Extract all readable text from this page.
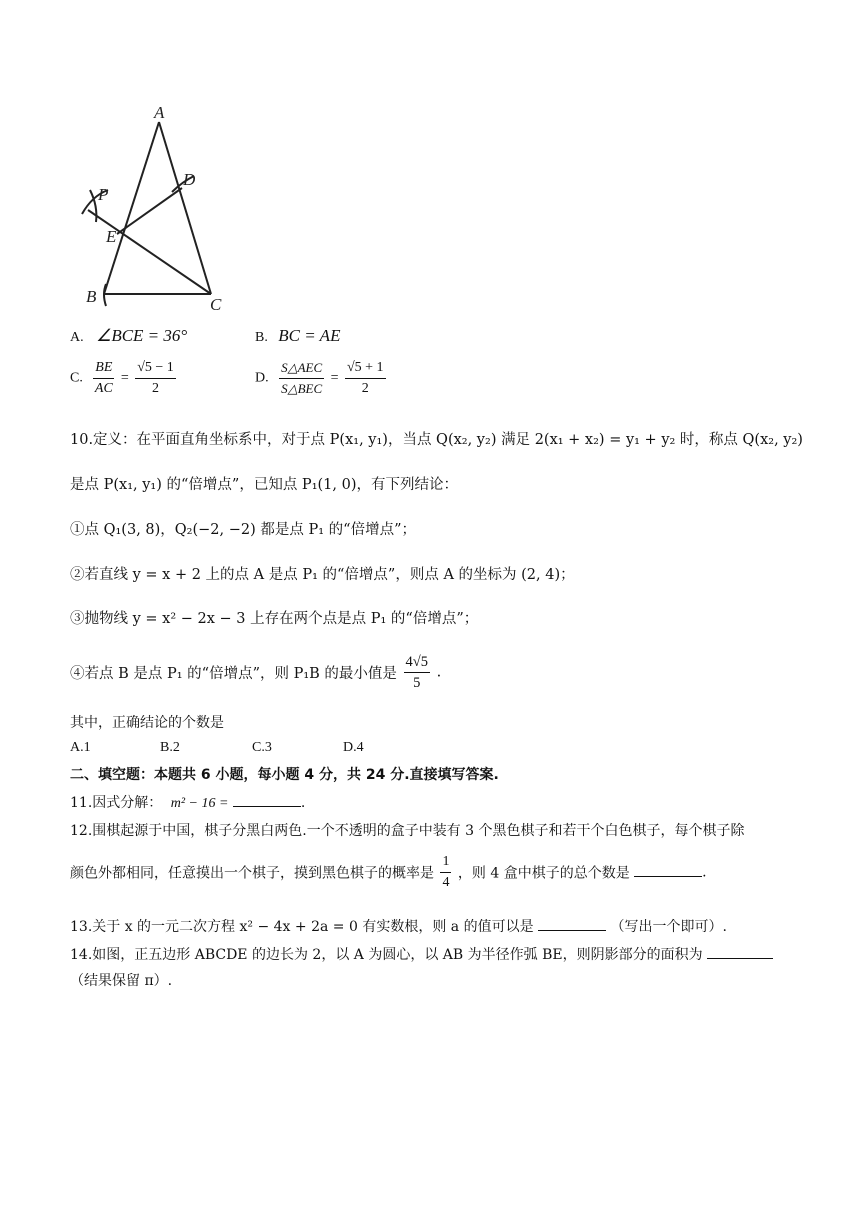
A
D
P
E
B	C
A. ∠BCE = 36°	B. BC = AE
C. $\frac{BE}{AC} = \frac{√5 - 1}{2}$	D. $\frac{\text{S△AEC}}{\text{S△BEC}} = \frac{√5 + 1}{2}$
10.定义：在平面直角坐标系中，对于点 P(x₁, y₁)，当点 Q(x₂, y₂) 满足 2(x₁ + x₂) = y₁ + y₂ 时，称点 Q(x₂, y₂)
是点 P(x₁, y₁) 的“倍增点”，已知点 P₁(1, 0)，有下列结论：
①点 Q₁(3, 8)，Q₂(−2, −2) 都是点 P₁ 的“倍增点”；
②若直线 y = x + 2 上的点 A 是点 P₁ 的“倍增点”，则点 A 的坐标为 (2, 4)；
③抛物线 y = x² − 2x − 3 上存在两个点是点 P₁ 的“倍增点”；
④若点 B 是点 P₁ 的“倍增点”，则 P₁B 的最小值是 $\frac{4√5}{5}$ .
其中，正确结论的个数是
A.1	B.2	C.3	D.4
二、填空题：本题共 6 小题，每小题 4 分，共 24 分.直接填写答案.
11.因式分解： m² − 16 =	.
12.围棋起源于中国，棋子分黑白两色.一个不透明的盒子中装有 3 个黑色棋子和若干个白色棋子，每个棋子除
颜色外都相同，任意摸出一个棋子，摸到黑色棋子的概率是 $\frac{1}{4}$ ，则 4 盒中棋子的总个数是	.
13.关于 x 的一元二次方程 x² − 4x + 2a = 0 有实数根，则 a 的值可以是	（写出一个即可）.
14.如图，正五边形 ABCDE 的边长为 2，以 A 为圆心，以 AB 为半径作弧 BE，则阴影部分的面积为
（结果保留 π）.
